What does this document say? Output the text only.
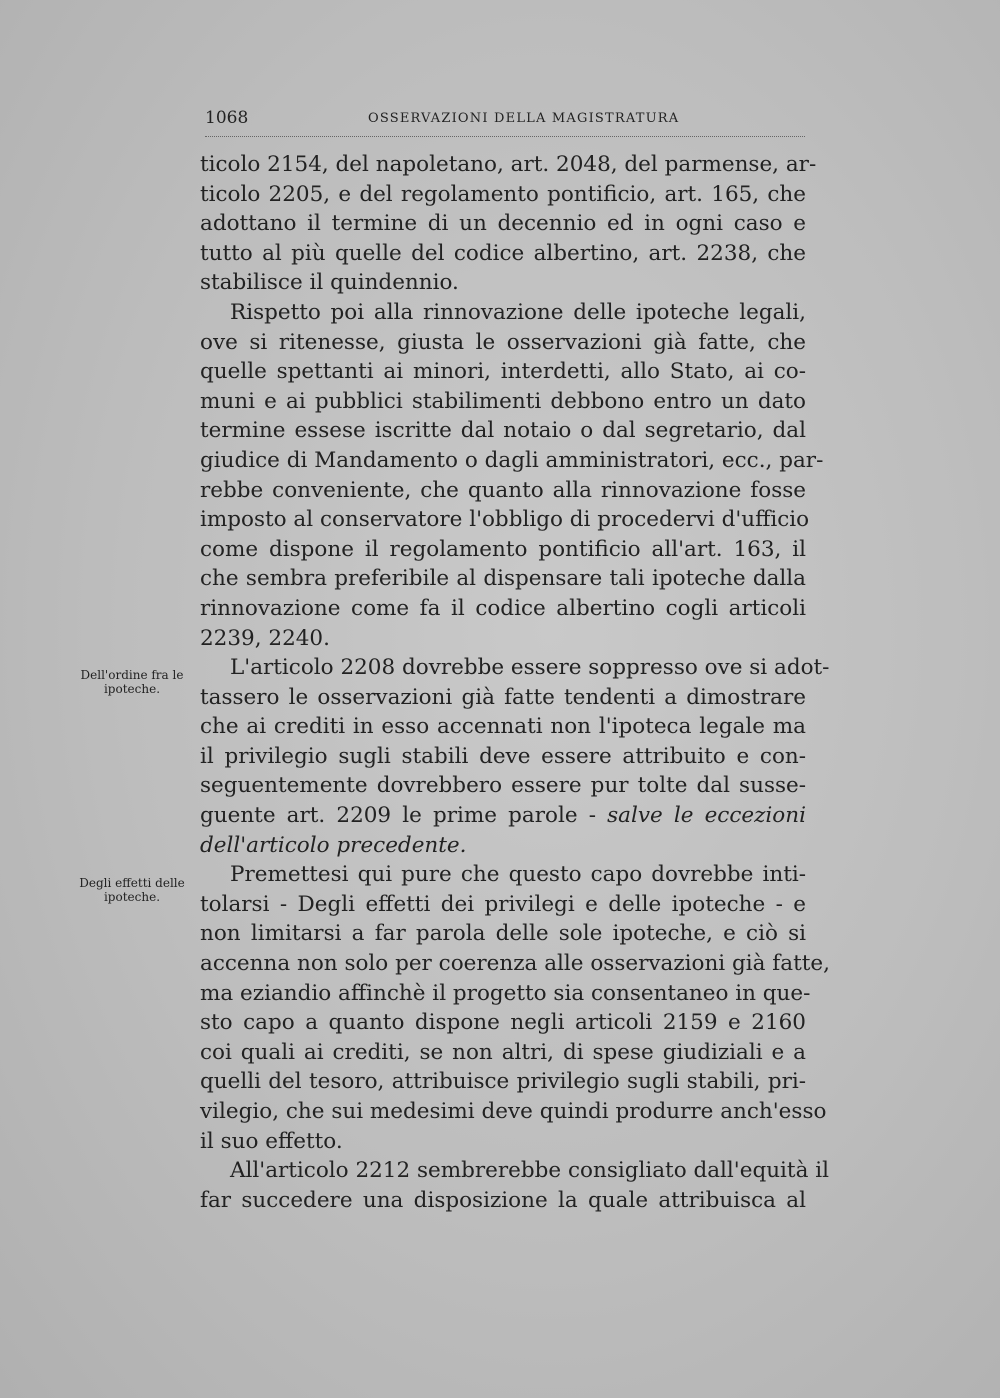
1068	OSSERVAZIONI DELLA MAGISTRATURA
Dell'ordine fra le ipoteche.
Degli effetti delle ipoteche.
ticolo 2154, del napoletano, art. 2048, del parmense, ar-
ticolo 2205, e del regolamento pontificio, art. 165, che
adottano il termine di un decennio ed in ogni caso e
tutto al più quelle del codice albertino, art. 2238, che
stabilisce il quindennio.
Rispetto poi alla rinnovazione delle ipoteche legali,
ove si ritenesse, giusta le osservazioni già fatte, che
quelle spettanti ai minori, interdetti, allo Stato, ai co-
muni e ai pubblici stabilimenti debbono entro un dato
termine essese iscritte dal notaio o dal segretario, dal
giudice di Mandamento o dagli amministratori, ecc., par-
rebbe conveniente, che quanto alla rinnovazione fosse
imposto al conservatore l'obbligo di procedervi d'ufficio
come dispone il regolamento pontificio all'art. 163, il
che sembra preferibile al dispensare tali ipoteche dalla
rinnovazione come fa il codice albertino cogli articoli
2239, 2240.
L'articolo 2208 dovrebbe essere soppresso ove si adot-
tassero le osservazioni già fatte tendenti a dimostrare
che ai crediti in esso accennati non l'ipoteca legale ma
il privilegio sugli stabili deve essere attribuito e con-
seguentemente dovrebbero essere pur tolte dal susse-
guente art. 2209 le prime parole - salve le eccezioni
dell'articolo precedente.
Premettesi qui pure che questo capo dovrebbe inti-
tolarsi - Degli effetti dei privilegi e delle ipoteche - e
non limitarsi a far parola delle sole ipoteche, e ciò si
accenna non solo per coerenza alle osservazioni già fatte,
ma eziandio affinchè il progetto sia consentaneo in que-
sto capo a quanto dispone negli articoli 2159 e 2160
coi quali ai crediti, se non altri, di spese giudiziali e a
quelli del tesoro, attribuisce privilegio sugli stabili, pri-
vilegio, che sui medesimi deve quindi produrre anch'esso
il suo effetto.
All'articolo 2212 sembrerebbe consigliato dall'equità il
far succedere una disposizione la quale attribuisca al
